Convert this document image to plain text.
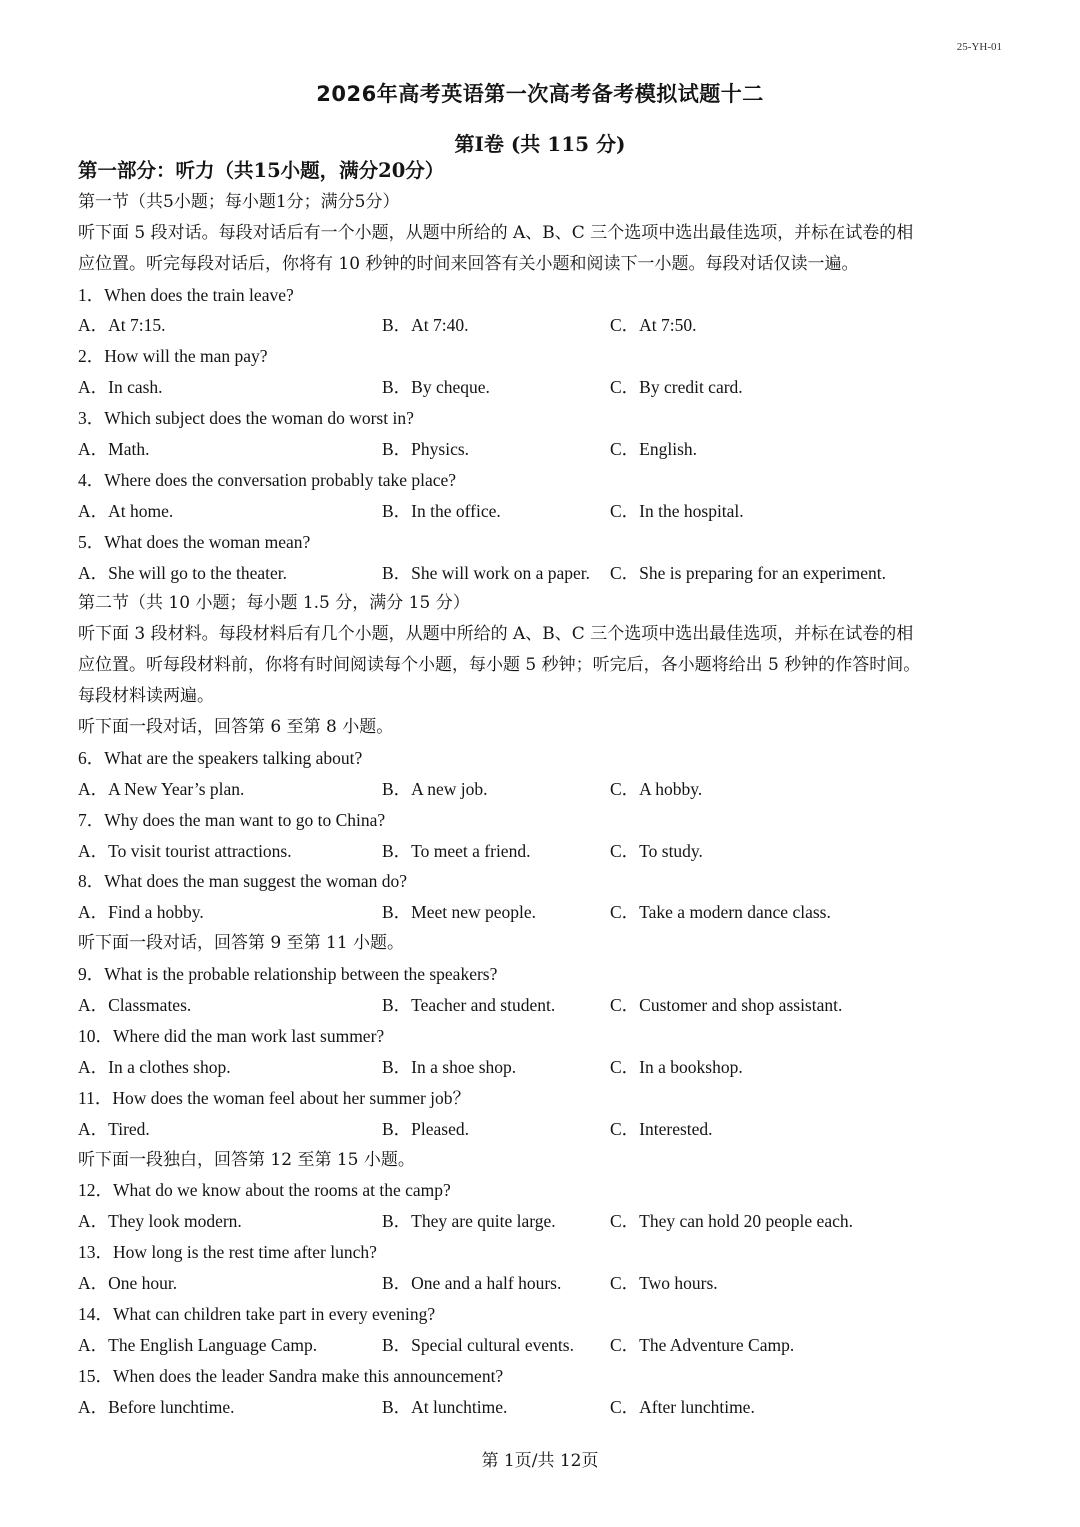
25-YH-01
2026年高考英语第一次高考备考模拟试题十二
第I卷 (共 115 分)
第一部分：听力（共15小题，满分20分）
第一节（共5小题；每小题1分；满分5分）
听下面 5 段对话。每段对话后有一个小题，从题中所给的 A、B、C 三个选项中选出最佳选项，并标在试卷的相
应位置。听完每段对话后，你将有 10 秒钟的时间来回答有关小题和阅读下一小题。每段对话仅读一遍。
1．When does the train leave?
A．At 7:15.	B．At 7:40.	C．At 7:50.
2．How will the man pay?
A．In cash.	B．By cheque.	C．By credit card.
3．Which subject does the woman do worst in?
A．Math.	B．Physics.	C．English.
4．Where does the conversation probably take place?
A．At home.	B．In the office.	C．In the hospital.
5．What does the woman mean?
A．She will go to the theater.	B．She will work on a paper. C．She is preparing for an experiment.
第二节（共 10 小题；每小题 1.5 分，满分 15 分）
听下面 3 段材料。每段材料后有几个小题，从题中所给的 A、B、C 三个选项中选出最佳选项，并标在试卷的相
应位置。听每段材料前，你将有时间阅读每个小题，每小题 5 秒钟；听完后，各小题将给出 5 秒钟的作答时间。
每段材料读两遍。
听下面一段对话，回答第 6 至第 8 小题。
6．What are the speakers talking about?
A．A New Year’s plan.	B．A new job.	C．A hobby.
7．Why does the man want to go to China?
A．To visit tourist attractions.	B．To meet a friend.	C．To study.
8．What does the man suggest the woman do?
A．Find a hobby.	B．Meet new people.	C．Take a modern dance class.
听下面一段对话，回答第 9 至第 11 小题。
9．What is the probable relationship between the speakers?
A．Classmates.	B．Teacher and student.	C．Customer and shop assistant.
10．Where did the man work last summer?
A．In a clothes shop.	B．In a shoe shop.	C．In a bookshop.
11．How does the woman feel about her summer job？
A．Tired.	B．Pleased.	C．Interested.
听下面一段独白，回答第 12 至第 15 小题。
12．What do we know about the rooms at the camp?
A．They look modern.	B．They are quite large.	C．They can hold 20 people each.
13．How long is the rest time after lunch?
A．One hour.	B．One and a half hours.	C．Two hours.
14．What can children take part in every evening?
A．The English Language Camp.	B．Special cultural events. C．The Adventure Camp.
15．When does the leader Sandra make this announcement?
A．Before lunchtime.	B．At lunchtime.	C．After lunchtime.
第 1页/共 12页
